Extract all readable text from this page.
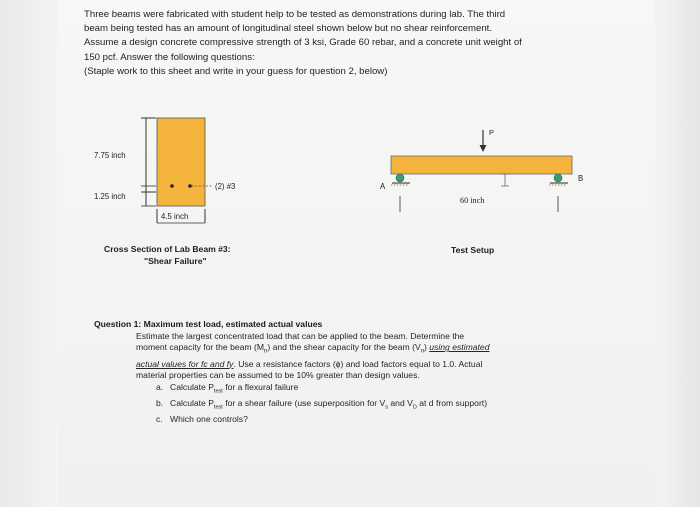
Three beams were fabricated with student help to be tested as demonstrations during lab. The third

beam being tested has an amount of longitudinal steel shown below but no shear reinforcement.

Assume a design concrete compressive strength of 3 ksi, Grade 60 rebar, and a concrete unit weight of

150 pcf. Answer the following questions:

(Staple work to this sheet and write in your guess for question 2, below)

7.75 inch
1.25 inch
(2) #3
4.5 inch
Cross Section of Lab Beam #3:
"Shear Failure"
P
A
B
60 inch
Test Setup
Question 1: Maximum test load, estimated actual values
Estimate the largest concentrated load that can be applied to the beam. Determine the
moment capacity for the beam $(M_n)$ and the shear capacity for the beam $(V_n)$ using estimated
actual values for fc and fy. Use a resistance factors (ϕ) and load factors equal to 1.0. Actual
material properties can be assumed to be 10% greater than design values.
a. Calculate $P_{test}$ for a flexural failure
b. Calculate $P_{test}$ for a shear failure (use superposition for $V_s$ and $V_D$ at d from support)
c. Which one controls?
